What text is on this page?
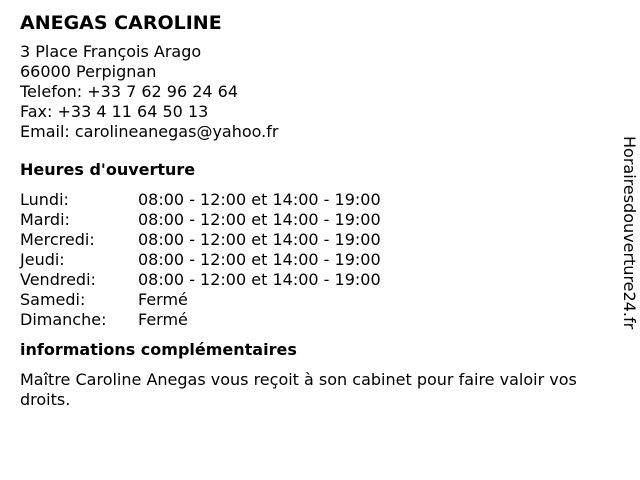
ANEGAS CAROLINE
3 Place François Arago
66000 Perpignan
Telefon: +33 7 62 96 24 64
Fax: +33 4 11 64 50 13
Email: carolineanegas@yahoo.fr
Heures d'ouverture
Lundi:	08:00 - 12:00 et 14:00 - 19:00
Mardi:	08:00 - 12:00 et 14:00 - 19:00
Mercredi:	08:00 - 12:00 et 14:00 - 19:00
Jeudi:	08:00 - 12:00 et 14:00 - 19:00
Vendredi:	08:00 - 12:00 et 14:00 - 19:00
Samedi:	Fermé
Dimanche:	Fermé
informations complémentaires
Maître Caroline Anegas vous reçoit à son cabinet pour faire valoir vos droits.
Horairesdouverture24.fr
